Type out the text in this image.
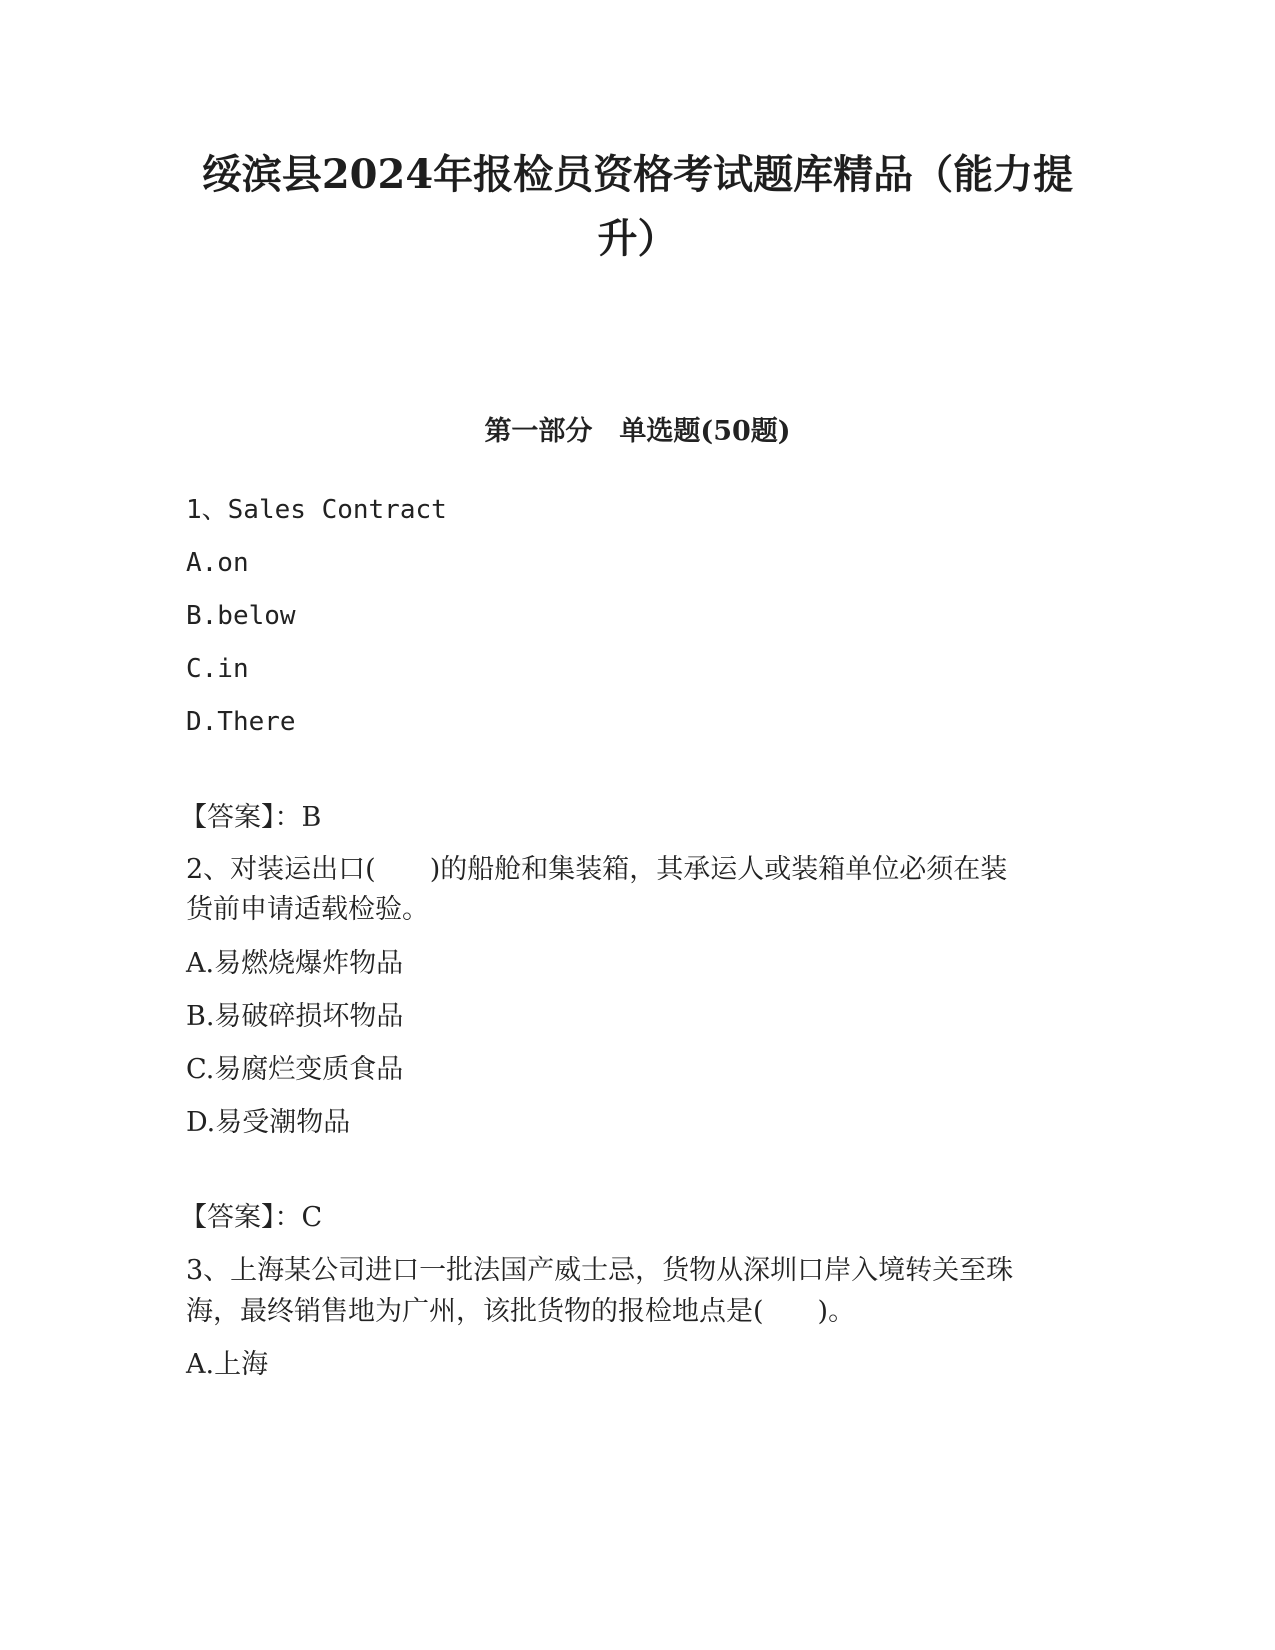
绥滨县2024年报检员资格考试题库精品（能力提
升）
第一部分　单选题(50题)
1、Sales Contract
A.on
B.below
C.in
D.There
【答案】：B
2、对装运出口(　　)的船舱和集装箱，其承运人或装箱单位必须在装
货前申请适载检验。
A.易燃烧爆炸物品
B.易破碎损坏物品
C.易腐烂变质食品
D.易受潮物品
【答案】：C
3、上海某公司进口一批法国产威士忌，货物从深圳口岸入境转关至珠
海，最终销售地为广州，该批货物的报检地点是(　　)。
A.上海
